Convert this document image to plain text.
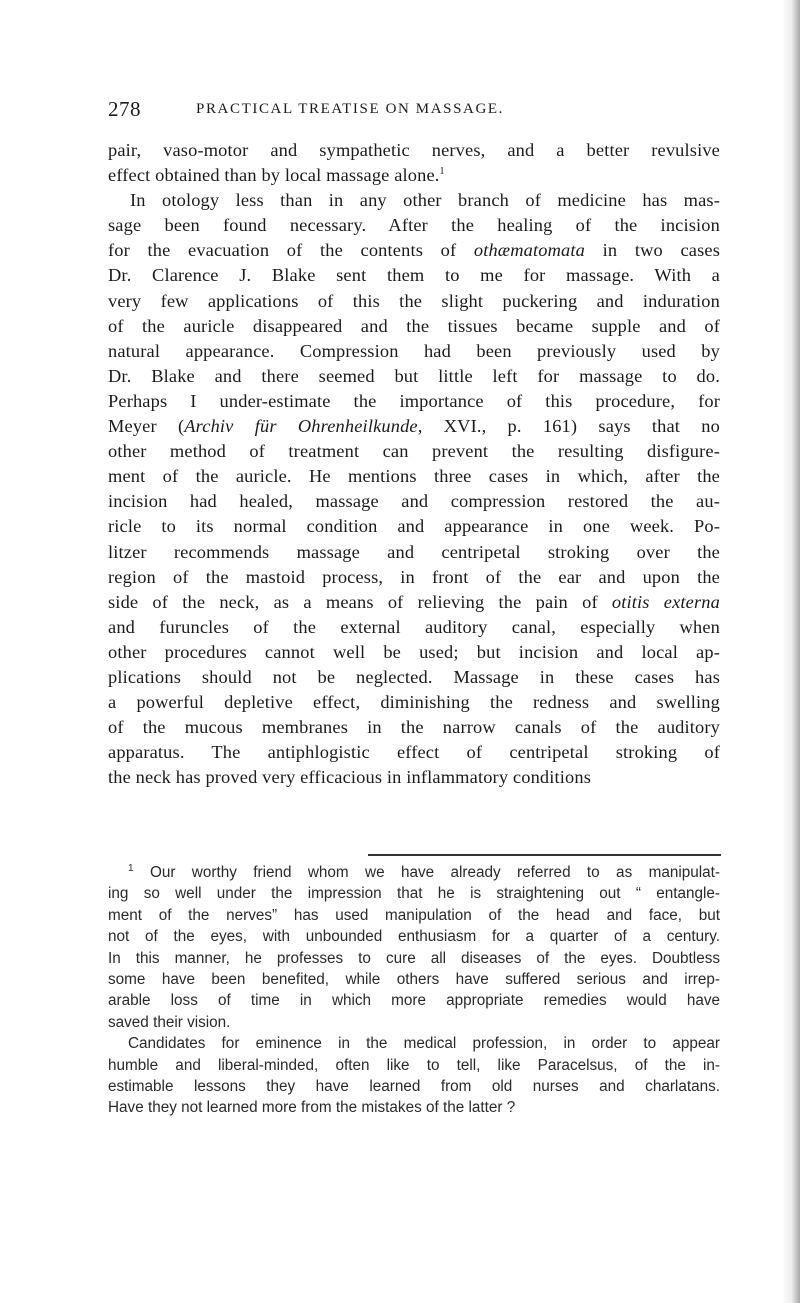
278	PRACTICAL TREATISE ON MASSAGE.
pair, vaso-motor and sympathetic nerves, and a better revulsive
effect obtained than by local massage alone.$^1$
In otology less than in any other branch of medicine has mas-
sage been found necessary. After the healing of the incision
for the evacuation of the contents of othæmatomata in two cases
Dr. Clarence J. Blake sent them to me for massage. With a
very few applications of this the slight puckering and induration
of the auricle disappeared and the tissues became supple and of
natural appearance. Compression had been previously used by
Dr. Blake and there seemed but little left for massage to do.
Perhaps I under-estimate the importance of this procedure, for
Meyer (Archiv für Ohrenheilkunde, XVI., p. 161) says that no
other method of treatment can prevent the resulting disfigure-
ment of the auricle. He mentions three cases in which, after the
incision had healed, massage and compression restored the au-
ricle to its normal condition and appearance in one week. Po-
litzer recommends massage and centripetal stroking over the
region of the mastoid process, in front of the ear and upon the
side of the neck, as a means of relieving the pain of otitis externa
and furuncles of the external auditory canal, especially when
other procedures cannot well be used; but incision and local ap-
plications should not be neglected. Massage in these cases has
a powerful depletive effect, diminishing the redness and swelling
of the mucous membranes in the narrow canals of the auditory
apparatus. The antiphlogistic effect of centripetal stroking of
the neck has proved very efficacious in inflammatory conditions
$^1$ Our worthy friend whom we have already referred to as manipulat-
ing so well under the impression that he is straightening out “ entangle-
ment of the nerves” has used manipulation of the head and face, but
not of the eyes, with unbounded enthusiasm for a quarter of a century.
In this manner, he professes to cure all diseases of the eyes. Doubtless
some have been benefited, while others have suffered serious and irrep-
arable loss of time in which more appropriate remedies would have
saved their vision.
Candidates for eminence in the medical profession, in order to appear
humble and liberal-minded, often like to tell, like Paracelsus, of the in-
estimable lessons they have learned from old nurses and charlatans.
Have they not learned more from the mistakes of the latter ?
